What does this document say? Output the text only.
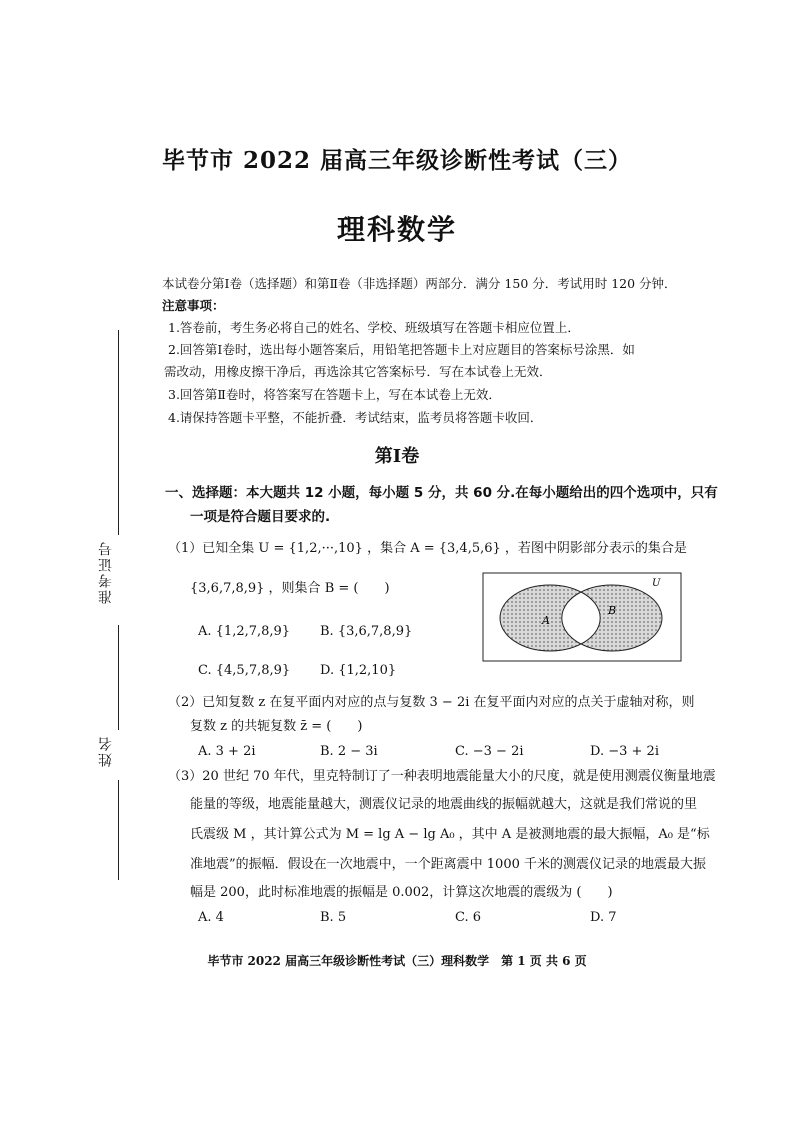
准考证号
姓名
毕节市 2022 届高三年级诊断性考试（三）
理科数学
本试卷分第Ⅰ卷（选择题）和第Ⅱ卷（非选择题）两部分．满分 150 分．考试用时 120 分钟．
注意事项：
1.答卷前，考生务必将自己的姓名、学校、班级填写在答题卡相应位置上．
2.回答第Ⅰ卷时，选出每小题答案后，用铅笔把答题卡上对应题目的答案标号涂黑．如
需改动，用橡皮擦干净后，再选涂其它答案标号．写在本试卷上无效．
3.回答第Ⅱ卷时，将答案写在答题卡上，写在本试卷上无效．
4.请保持答题卡平整，不能折叠．考试结束，监考员将答题卡收回．
第Ⅰ卷
一、选择题：本大题共 12 小题，每小题 5 分，共 60 分.在每小题给出的四个选项中，只有
一项是符合题目要求的.
（1）已知全集 U = {1,2,···,10} ，集合 A = {3,4,5,6} ，若图中阴影部分表示的集合是
{3,6,7,8,9} ，则集合 B = (　　)
A. {1,2,7,8,9} B. {3,6,7,8,9}
C. {4,5,7,8,9} D. {1,2,10}
U
A
B
（2）已知复数 z 在复平面内对应的点与复数 3 − 2i 在复平面内对应的点关于虚轴对称，则
复数 z 的共轭复数 z̄ = (　　)
A. 3 + 2i	B. 2 − 3i	C. −3 − 2i	D. −3 + 2i
（3）20 世纪 70 年代，里克特制订了一种表明地震能量大小的尺度，就是使用测震仪衡量地震
能量的等级，地震能量越大，测震仪记录的地震曲线的振幅就越大，这就是我们常说的里
氏震级 M ，其计算公式为 M = lg A − lg A₀ ，其中 A 是被测地震的最大振幅，A₀ 是“标
准地震”的振幅．假设在一次地震中，一个距离震中 1000 千米的测震仪记录的地震最大振
幅是 200，此时标准地震的振幅是 0.002，计算这次地震的震级为 (　　)
A. 4	B. 5	C. 6	D. 7
毕节市 2022 届高三年级诊断性考试（三）理科数学　第 1 页 共 6 页
